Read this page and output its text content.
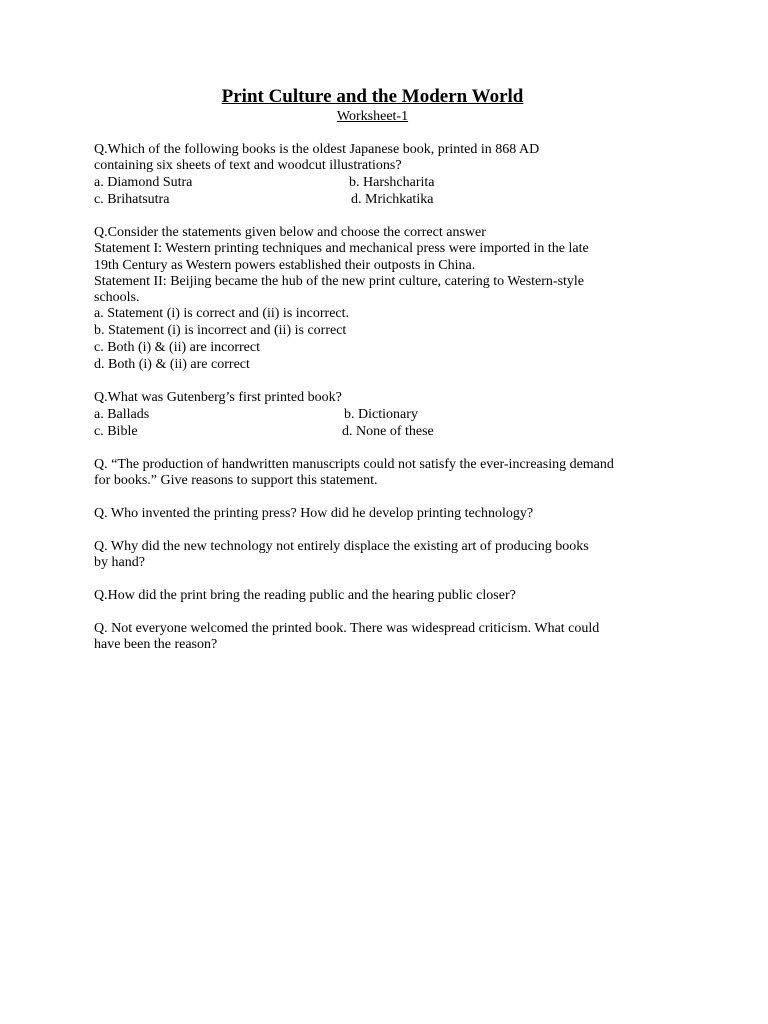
Print Culture and the Modern World
Worksheet-1
Q.Which of the following books is the oldest Japanese book, printed in 868 AD
containing six sheets of text and woodcut illustrations?
a. Diamond Sutra	b. Harshcharita
c. Brihatsutra	d. Mrichkatika
Q.Consider the statements given below and choose the correct answer
Statement I: Western printing techniques and mechanical press were imported in the late
19th Century as Western powers established their outposts in China.
Statement II: Beijing became the hub of the new print culture, catering to Western-style
schools.
a. Statement (i) is correct and (ii) is incorrect.
b. Statement (i) is incorrect and (ii) is correct
c. Both (i) & (ii) are incorrect
d. Both (i) & (ii) are correct
Q.What was Gutenberg’s first printed book?
a. Ballads	b. Dictionary
c. Bible	d. None of these
Q. “The production of handwritten manuscripts could not satisfy the ever-increasing demand
for books.” Give reasons to support this statement.
Q. Who invented the printing press? How did he develop printing technology?
Q. Why did the new technology not entirely displace the existing art of producing books
by hand?
Q.How did the print bring the reading public and the hearing public closer?
Q. Not everyone welcomed the printed book. There was widespread criticism. What could
have been the reason?
